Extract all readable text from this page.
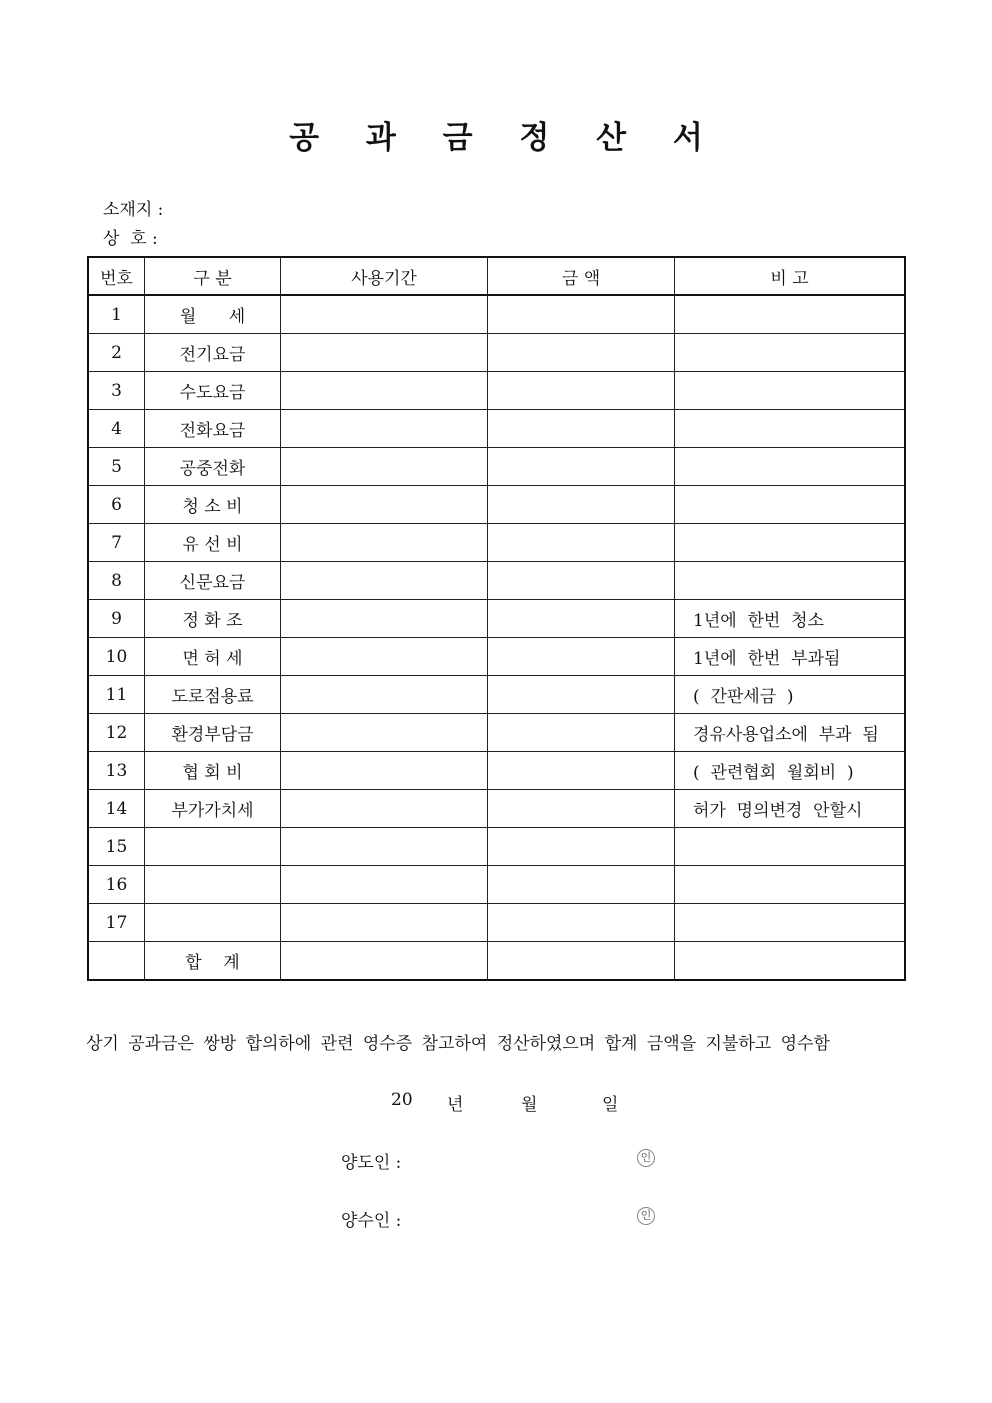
공 과 금 정 산 서
소재지 :
상  호 :
번호	구 분	사용기간	금 액	비 고
1	월      세			
2	전기요금			
3	수도요금			
4	전화요금			
5	공중전화			
6	청 소 비			
7	유 선 비			
8	신문요금			
9	정 화 조			1년에  한번  청소
10	면 허 세			1년에  한번  부과됨
11	도로점용료			(  간판세금  )
12	환경부담금			경유사용업소에  부과  됨
13	협 회 비			(  관련협회  월회비  )
14	부가가치세			허가  명의변경  안할시
15				
16				
17				
	합    계			
상기 공과금은 쌍방 합의하에 관련 영수증 참고하여 정산하였으며 합계 금액을 지불하고 영수함
20 년	월	일
양도인 :	인
양수인 :	인
